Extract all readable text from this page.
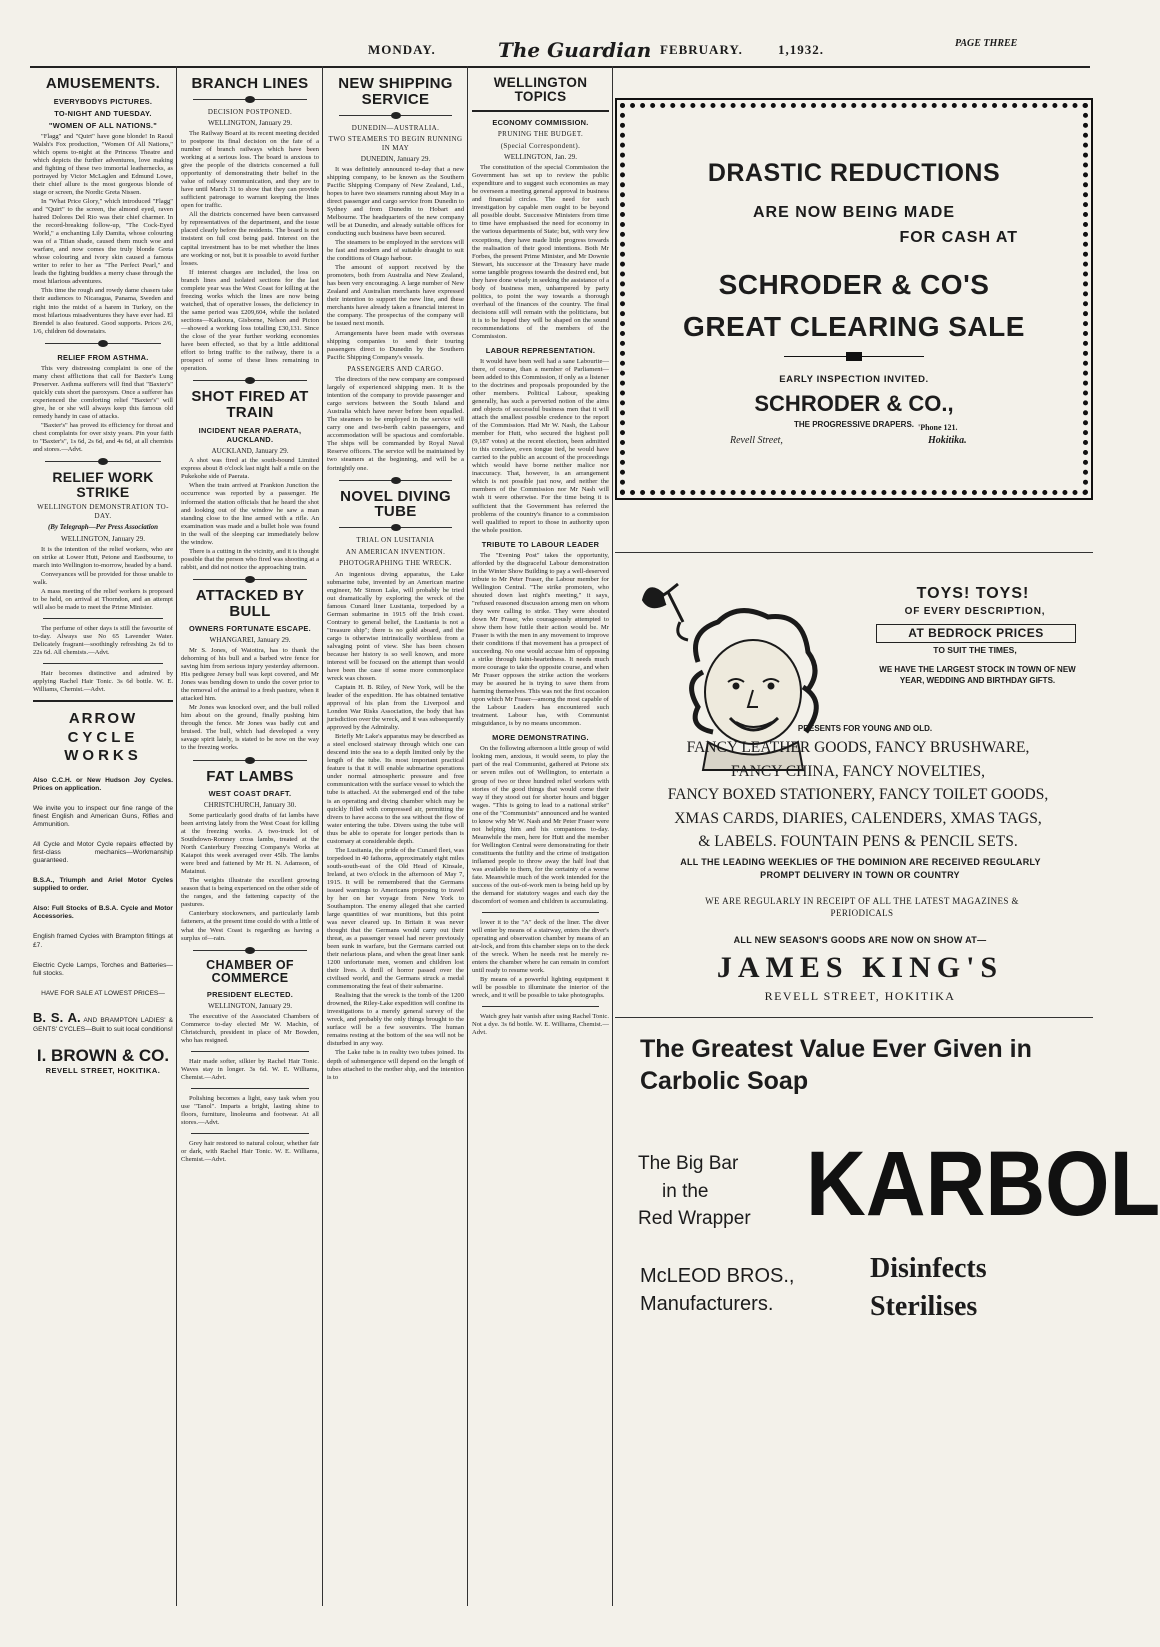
MONDAY.	The Guardian FEBRUARY.	1,1932.	PAGE THREE
AMUSEMENTS.
EVERYBODYS PICTURES.
TO-NIGHT AND TUESDAY.
"WOMEN OF ALL NATIONS."

"Flagg" and "Quirt" have gone blonde! In Raoul Walsh's Fox production, "Women Of All Nations," which opens to-night at the Princess Theatre and which depicts the further adventures, love making and fighting of these two immortal leathernecks, as portrayed by Victor McLaglen and Edmund Lowe, their chief allure is the most gorgeous blonde of stage or screen, the Nordic Greta Nissen.

In "What Price Glory," which introduced "Flagg" and "Quirt" to the screen, the almond eyed, raven haired Dolores Del Rio was their chief charmer. In the record-breaking follow-up, "The Cock-Eyed World," a enchanting Lily Damita, whose colouring was of a Titian shade, caused them much woe and warfare, and now comes the truly blonde Greta whose colouring and ivory skin caused a famous writer to refer to her as "The Perfect Pearl," and leads the fighting buddies a merry chase through the most hilarious adventures.

This time the rough and rowdy dame chasers take their audiences to Nicaragua, Panama, Sweden and right into the midst of a harem in Turkey, on the most hilarious misadventures they have ever had. El Brendel is also featured. Good supports. Prices 2/6, 1/6, children 6d downstairs.

RELIEF FROM ASTHMA.

This very distressing complaint is one of the many chest afflictions that call for Baxter's Lung Preserver. Asthma sufferers will find that "Baxter's" quickly cuts short the paroxysm. Once a sufferer has experienced the comforting relief "Baxter's" will give, he or she will always keep this famous old remedy handy in case of attacks.

"Baxter's" has proved its efficiency for throat and chest complaints for over sixty years. Pin your faith to "Baxter's", 1s 6d, 2s 6d, and 4s 6d, at all chemists and stores.—Advt.

RELIEF WORK STRIKE
WELLINGTON DEMONSTRATION TO-DAY.
(By Telegraph—Per Press Association
WELLINGTON, January 29.

It is the intention of the relief workers, who are on strike at Lower Hutt, Petone and Eastbourne, to march into Wellington to-morrow, headed by a band.

Conveyances will be provided for those unable to walk.

A mass meeting of the relief workers is proposed to be held, on arrival at Thorndon, and an attempt will also be made to meet the Prime Minister.

The perfume of other days is still the favourite of to-day. Always use No 65 Lavender Water. Delicately fragrant—soothingly refreshing 2s 6d to 22s 6d. All chemists.—Advt.

Hair becomes distinctive and admired by applying Rachel Hair Tonic. 3s 6d bottle. W. E. Williams, Chemist.—Advt.

ARROW
CYCLE WORKS

Also C.C.H. or New Hudson Joy Cycles. Prices on application.

We invite you to inspect our fine range of the finest English and American Guns, Rifles and Ammunition.

All Cycle and Motor Cycle repairs effected by first-class mechanics—Workmanship guaranteed.

B.S.A., Triumph and Ariel Motor Cycles supplied to order.

Also: Full Stocks of B.S.A. Cycle and Motor Accessories.

English framed Cycles with Brampton fittings at £7.

Electric Cycle Lamps, Torches and Batteries—full stocks.

HAVE FOR SALE AT LOWEST PRICES—

B. S. A. AND BRAMPTON LADIES' & GENTS' CYCLES—Built to suit local conditions!

I. BROWN & CO.
REVELL STREET, HOKITIKA.
BRANCH LINES
DECISION POSTPONED.
WELLINGTON, January 29.

The Railway Board at its recent meeting decided to postpone its final decision on the fate of a number of branch railways which have been working at a serious loss. The board is anxious to give the people of the districts concerned a full opportunity of demonstrating their belief in the value of railway communication, and they are to have until March 31 to show that they can provide sufficient patronage to warrant keeping the lines open for traffic.

All the districts concerned have been canvassed by representatives of the department, and the issue placed clearly before the residents. The board is not insistent on full cost being paid. Interest on the capital investment has to be met whether the lines are working or not, but it is possible to avoid further losses.

If interest charges are included, the loss on branch lines and isolated sections for the last complete year was the West Coast for killing at the freezing works which the lines are now being watched, that of operative losses, the deficiency in the same period was £209,604, while the isolated sections—Kaikoura, Gisborne, Nelson and Picton—showed a working loss totalling £30,131. Since the close of the year further working economies have been effected, so that by a little additional effort to bring traffic to the railway, there is a prospect of some of these lines remaining in operation.

SHOT FIRED AT TRAIN
INCIDENT NEAR PAERATA, AUCKLAND.
AUCKLAND, January 29.

A shot was fired at the south-bound Limited express about 8 o'clock last night half a mile on the Pukekohe side of Paerata.

When the train arrived at Frankton Junction the occurrence was reported by a passenger. He informed the station officials that he heard the shot and looking out of the window he saw a man standing close to the line armed with a rifle. An examination was made and a bullet hole was found in the wall of the sleeping car immediately below the window.

There is a cutting in the vicinity, and it is thought possible that the person who fired was shooting at a rabbit, and did not notice the approaching train.

ATTACKED BY BULL
OWNERS FORTUNATE ESCAPE.
WHANGAREI, January 29.

Mr S. Jones, of Waiotira, has to thank the dehorning of his bull and a barbed wire fence for saving him from serious injury yesterday afternoon. His pedigree Jersey bull was kept covered, and Mr Jones was bending down to undo the cover prior to the removal of the animal to a fresh pasture, when it attacked him.

Mr Jones was knocked over, and the bull rolled him about on the ground, finally pushing him through the fence. Mr Jones was badly cut and bruised. The bull, which had developed a very savage spirit lately, is stated to be now on the way to the freezing works.

FAT LAMBS
WEST COAST DRAFT.
CHRISTCHURCH, January 30.

Some particularly good drafts of fat lambs have been arriving lately from the West Coast for killing at the freezing works. A two-truck lot of Southdown-Romney cross lambs, treated at the North Canterbury Freezing Company's Works at Kaiapoi this week averaged over 45lb. The lambs were bred and fattened by Mr H. N. Adamson, of Matainui.

The weights illustrate the excellent growing season that is being experienced on the other side of the ranges, and the fattening capacity of the pastures.

Canterbury stockowners, and particularly lamb fatteners, at the present time could do with a little of what the West Coast is regarding as having a surplus of—rain.

CHAMBER OF COMMERCE
PRESIDENT ELECTED.
WELLINGTON, January 29.

The executive of the Associated Chambers of Commerce to-day elected Mr W. Machin, of Christchurch, president in place of Mr Bowden, who has resigned.

Hair made softer, silkier by Rachel Hair Tonic. Waves stay in longer. 3s 6d. W. E. Williams, Chemist.—Advt.

Polishing becomes a light, easy task when you use "Tanol". Imparts a bright, lasting shine to floors, furniture, linoleums and footwear. At all stores.—Advt.

Grey hair restored to natural colour, whether fair or dark, with Rachel Hair Tonic. W. E. Williams, Chemist.—Advt.

NEW SHIPPING SERVICE
DUNEDIN—AUSTRALIA.
TWO STEAMERS TO BEGIN RUNNING IN MAY
DUNEDIN, January 29.

It was definitely announced to-day that a new shipping company, to be known as the Southern Pacific Shipping Company of New Zealand, Ltd., hopes to have two steamers running about May in a direct passenger and cargo service from Dunedin to Sydney and from Dunedin to Hobart and Melbourne. The headquarters of the new company will be at Dunedin, and already suitable offices for conducting such business have been secured.

The steamers to be employed in the services will be fast and modern and of suitable draught to suit the conditions of Otago harbour.

The amount of support received by the promoters, both from Australia and New Zealand, has been very encouraging. A large number of New Zealand and Australian merchants have expressed their intention to support the new line, and these merchants have already taken a financial interest in the company. The prospectus of the company will be issued next month.

Arrangements have been made with overseas shipping companies to send their touring passengers direct to Dunedin by the Southern Pacific Shipping Company's vessels.

PASSENGERS AND CARGO.

The directors of the new company are composed largely of experienced shipping men. It is the intention of the company to provide passenger and cargo services between the South Island and Australia which have never before been equalled. The steamers to be employed in the service will carry one and two-berth cabin passengers, and accommodation will be spacious and comfortable. The ships will be commanded by Royal Naval Reserve officers. The service will be maintained by two steamers at the beginning, and will be a fortnightly one.

NOVEL DIVING TUBE
TRIAL ON LUSITANIA
AN AMERICAN INVENTION.
PHOTOGRAPHING THE WRECK.

An ingenious diving apparatus, the Lake submarine tube, invented by an American marine engineer, Mr Simon Lake, will probably be tried out dramatically by exploring the wreck of the famous Cunard liner Lusitania, torpedoed by a German submarine in 1915 off the Irish coast. Contrary to general belief, the Lusitania is not a "treasure ship"; there is no gold aboard, and the cargo is otherwise intrinsically worthless from a salvaging point of view. She has been chosen because her history is so well known, and more interest will be focused on the attempt than would have been the case if some more commonplace wreck was chosen.

Captain H. B. Riley, of New York, will be the leader of the expedition. He has obtained tentative approval of his plan from the Liverpool and London War Risks Association, the body that has jurisdiction over the wreck, and it was subsequently approved by the Admiralty.

Briefly Mr Lake's apparatus may be described as a steel enclosed stairway through which one can descend into the sea to a depth limited only by the length of the tube. Its most important practical feature is that it will enable submarine operations under normal atmospheric pressure and free communication with the surface vessel to which the tube is attached. At the submerged end of the tube is an operating and diving chamber which may be quickly filled with compressed air, permitting the divers to have access to the sea without the flow of water entering the tube. Divers using the tube will thus be able to operate for longer periods than is customary at considerable depth.

The Lusitania, the pride of the Cunard fleet, was torpedoed in 40 fathoms, approximately eight miles south-south-east of the Old Head of Kinsale, Ireland, at two o'clock in the afternoon of May 7, 1915. It will be remembered that the Germans issued warnings to Americans proposing to travel by her on her voyage from New York to Southampton. The enemy alleged that she carried large quantities of war munitions, but this point was never cleared up. In Britain it was never thought that the Germans would carry out their threat, as a passenger vessel had never previously been sunk in warfare, but the Germans carried out their nefarious plans, and when the great liner sank 1200 unfortunate men, women and children lost their lives. A thrill of horror passed over the civilised world, and the Germans struck a medal commemorating the feat of their submarine.

Realising that the wreck is the tomb of the 1200 drowned, the Riley-Lake expedition will confine its investigations to a merely general survey of the wreck, and probably the only things brought to the surface will be a few souvenirs. The human remains resting at the bottom of the sea will not be disturbed in any way.

The Lake tube is in reality two tubes joined. Its depth of submergence will depend on the length of tubes attached to the mother ship, and the intention is to

WELLINGTON TOPICS
ECONOMY COMMISSION.
PRUNING THE BUDGET.
(Special Correspondent).
WELLINGTON, Jan. 29.

The constitution of the special Commission the Government has set up to review the public expenditure and to suggest such economies as may be overseen a meeting general approval in business and financial circles. The need for such investigation by capable men ought to be beyond all possible doubt. Successive Ministers from time to time have emphasised the need for economy in the various departments of State; but, with very few exceptions, they have made little progress towards the realisation of their good intentions. Both Mr Forbes, the present Prime Minister, and Mr Downie Stewart, his successor at the Treasury have made some tangible progress towards the desired end, but they have done wisely in seeking the assistance of a body of business men, unhampered by party politics, to point the way towards a thorough overhaul of the finances of the country. The final decisions still will remain with the politicians, but it is to be hoped they will be shaped on the sound recommendations of the members of the Commission.

LABOUR REPRESENTATION.

It would have been well had a sane Labourite—there, of course, than a member of Parliament—been added to this Commission, if only as a listener to the doctrines and proposals propounded by the other members. Political Labour, speaking generally, has such a perverted notion of the aims and objects of successful business men that it will attach the smallest possible credence to the report of the Commission. Had Mr W. Nash, the Labour member for Hutt, who secured the highest poll (9,187 votes) at the recent election, been admitted to this conclave, even tongue tied, he would have carried to the public an account of the proceedings which would have borne neither malice nor inaccuracy. That, however, is an arrangement which is not possible just now, and neither the members of the Commission nor Mr Nash will wish it were otherwise. For the time being it is sufficient that the Government has referred the problems of the country's finance to a commission well qualified to report to those in authority upon the whole position.

TRIBUTE TO LABOUR LEADER

The "Evening Post" takes the opportunity, afforded by the disgraceful Labour demonstration in the Winter Show Building to pay a well-deserved tribute to Mr Peter Fraser, the Labour member for Wellington Central. "The strike promoters, who shouted down last night's meeting," it says, "refused reasoned discussion among men on whom they were calling to strike. They were shouted down Mr Fraser, who courageously attempted to show them how futile their action would be. Mr Fraser is with the men in any movement to improve their conditions if that movement has a prospect of succeeding. No one would accuse him of opposing a strike through faint-heartedness. It needs much more courage to take the opposite course, and when Mr Fraser opposes the strike action the workers may be assured he is trying to save them from harming themselves. This was not the first occasion upon which Mr Fraser—among the most capable of the Labour Leaders has encountered such treatment. Labour has, with Communist misguidance, is by no means uncommon.

MORE DEMONSTRATING.

On the following afternoon a little group of wild looking men, anxious, it would seem, to play the part of the real Communist, gathered at Petone six or seven miles out of Wellington, to entertain a group of two or three hundred relief workers with stories of the good things that would come their way if they stood out for shorter hours and bigger wages. "This is going to lead to a national strike" one of the "Communists" announced and he wanted to know why Mr W. Nash and Mr Peter Fraser were not helping him and his companions to-day. Meanwhile the men, here for Hutt and the member for Wellington Central were demonstrating for their constituents the futility and the crime of instigation inflamed people to throw away the half loaf that was available to them, for the certainty of a worse fate. Meanwhile much of the work intended for the success of the out-of-work men is being held up by the demand for statutory wages and each day the discomfort of women and children is accumulating.

lower it to the "A" deck of the liner. The diver will enter by means of a stairway, enters the diver's operating and observation chamber by means of an air-lock, and from this chamber steps on to the deck of the wreck. When he needs rest he merely re-enters the chamber where he can remain in comfort until ready to resume work.

By means of a powerful lighting equipment it will be possible to illuminate the interior of the wreck, and it will be possible to take photographs.

Watch grey hair vanish after using Rachel Tonic. Not a dye. 3s 6d bottle. W. E. Williams, Chemist.—Advt.

DRASTIC REDUCTIONS
ARE NOW BEING MADE
FOR CASH AT
SCHRODER & CO'S
GREAT CLEARING SALE
EARLY INSPECTION INVITED.
SCHRODER & CO.,
THE PROGRESSIVE DRAPERS.
Revell Street,
'Phone 121.
Hokitika.
TOYS! TOYS!
OF EVERY DESCRIPTION,
AT BEDROCK PRICES
TO SUIT THE TIMES,
WE HAVE THE LARGEST STOCK IN TOWN OF NEW YEAR, WEDDING AND BIRTHDAY GIFTS.
PRESENTS FOR YOUNG AND OLD.
FANCY LEATHER GOODS, FANCY BRUSHWARE,
FANCY CHINA, FANCY NOVELTIES,
FANCY BOXED STATIONERY, FANCY TOILET GOODS,
XMAS CARDS, DIARIES, CALENDERS, XMAS TAGS,
& LABELS. FOUNTAIN PENS & PENCIL SETS.
ALL THE LEADING WEEKLIES OF THE DOMINION ARE RECEIVED REGULARLY
PROMPT DELIVERY IN TOWN OR COUNTRY
WE ARE REGULARLY IN RECEIPT OF ALL THE LATEST MAGAZINES & PERIODICALS
ALL NEW SEASON'S GOODS ARE NOW ON SHOW AT—
JAMES KING'S
REVELL STREET, HOKITIKA
The Greatest Value Ever Given in Carbolic Soap
The Big Bar
in the
Red Wrapper KARBOL
McLEOD BROS.,
Manufacturers.
Disinfects
Sterilises
